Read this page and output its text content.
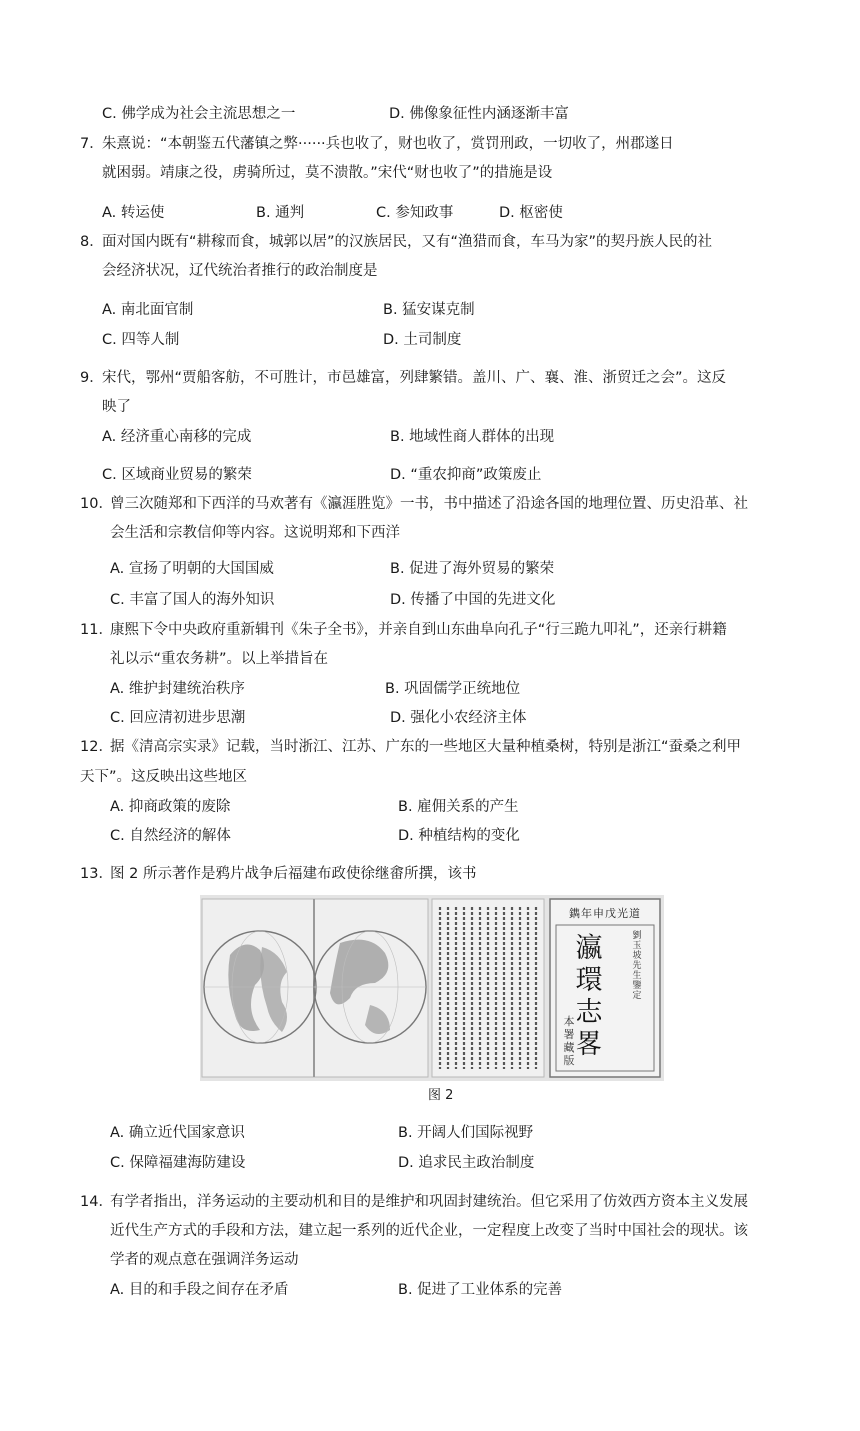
C. 佛学成为社会主流思想之一	D. 佛像象征性内涵逐渐丰富
7．
朱熹说：“本朝鉴五代藩镇之弊······兵也收了，财也收了，赏罚刑政，一切收了，州郡遂日
就困弱。靖康之役，虏骑所过，莫不溃散。”宋代“财也收了”的措施是设
A. 转运使	B. 通判	C. 参知政事	D. 枢密使
8．
面对国内既有“耕稼而食，城郭以居”的汉族居民，又有“渔猎而食，车马为家”的契丹族人民的社
会经济状况，辽代统治者推行的政治制度是
A. 南北面官制	B. 猛安谋克制
C. 四等人制	D. 土司制度
9．
宋代，鄂州“贾船客舫，不可胜计，市邑雄富，列肆繁错。盖川、广、襄、淮、浙贸迁之会”。这反
映了
A. 经济重心南移的完成	B. 地域性商人群体的出现
C. 区域商业贸易的繁荣	D. “重农抑商”政策废止
10．
曾三次随郑和下西洋的马欢著有《瀛涯胜览》一书，书中描述了沿途各国的地理位置、历史沿革、社
会生活和宗教信仰等内容。这说明郑和下西洋
A. 宣扬了明朝的大国国威	B. 促进了海外贸易的繁荣
C. 丰富了国人的海外知识	D. 传播了中国的先进文化
11．
康熙下令中央政府重新辑刊《朱子全书》，并亲自到山东曲阜向孔子“行三跪九叩礼”，还亲行耕籍
礼以示“重农务耕”。以上举措旨在
A. 维护封建统治秩序	B. 巩固儒学正统地位
C. 回应清初进步思潮	D. 强化小农经济主体
12．
据《清高宗实录》记载，当时浙江、江苏、广东的一些地区大量种植桑树，特别是浙江“蚕桑之利甲
天下”。这反映出这些地区
A. 抑商政策的废除	B. 雇佣关系的产生
C. 自然经济的解体	D. 种植结构的变化
13．
图 2 所示著作是鸦片战争后福建布政使徐继畬所撰，该书
道光戊申年鐫
瀛
環
志
畧
劉
玉
坡
先
生
鑒
定
本
署
藏
版
图 2
A. 确立近代国家意识	B. 开阔人们国际视野
C. 保障福建海防建设	D. 追求民主政治制度
14．
有学者指出，洋务运动的主要动机和目的是维护和巩固封建统治。但它采用了仿效西方资本主义发展
近代生产方式的手段和方法，建立起一系列的近代企业，一定程度上改变了当时中国社会的现状。该
学者的观点意在强调洋务运动
A. 目的和手段之间存在矛盾	B. 促进了工业体系的完善
